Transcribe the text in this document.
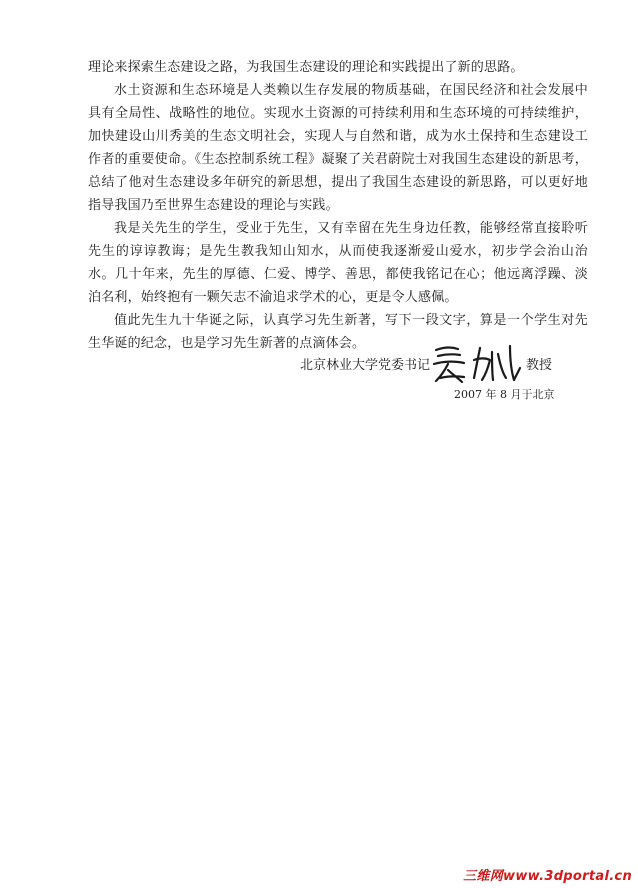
理论来探索生态建设之路，为我国生态建设的理论和实践提出了新的思路。

水土资源和生态环境是人类赖以生存发展的物质基础，在国民经济和社会发展中具有全局性、战略性的地位。实现水土资源的可持续利用和生态环境的可持续维护，加快建设山川秀美的生态文明社会，实现人与自然和谐，成为水土保持和生态建设工作者的重要使命。《生态控制系统工程》凝聚了关君蔚院士对我国生态建设的新思考，总结了他对生态建设多年研究的新思想，提出了我国生态建设的新思路，可以更好地指导我国乃至世界生态建设的理论与实践。

我是关先生的学生，受业于先生，又有幸留在先生身边任教，能够经常直接聆听先生的谆谆教诲；是先生教我知山知水，从而使我逐渐爱山爱水，初步学会治山治水。几十年来，先生的厚德、仁爱、博学、善思，都使我铭记在心；他远离浮躁、淡泊名利，始终抱有一颗矢志不渝追求学术的心，更是令人感佩。

值此先生九十华诞之际，认真学习先生新著，写下一段文字，算是一个学生对先生华诞的纪念，也是学习先生新著的点滴体会。

北京林业大学党委书记	教授
2007 年 8 月于北京
三维网www.3dportal.cn
